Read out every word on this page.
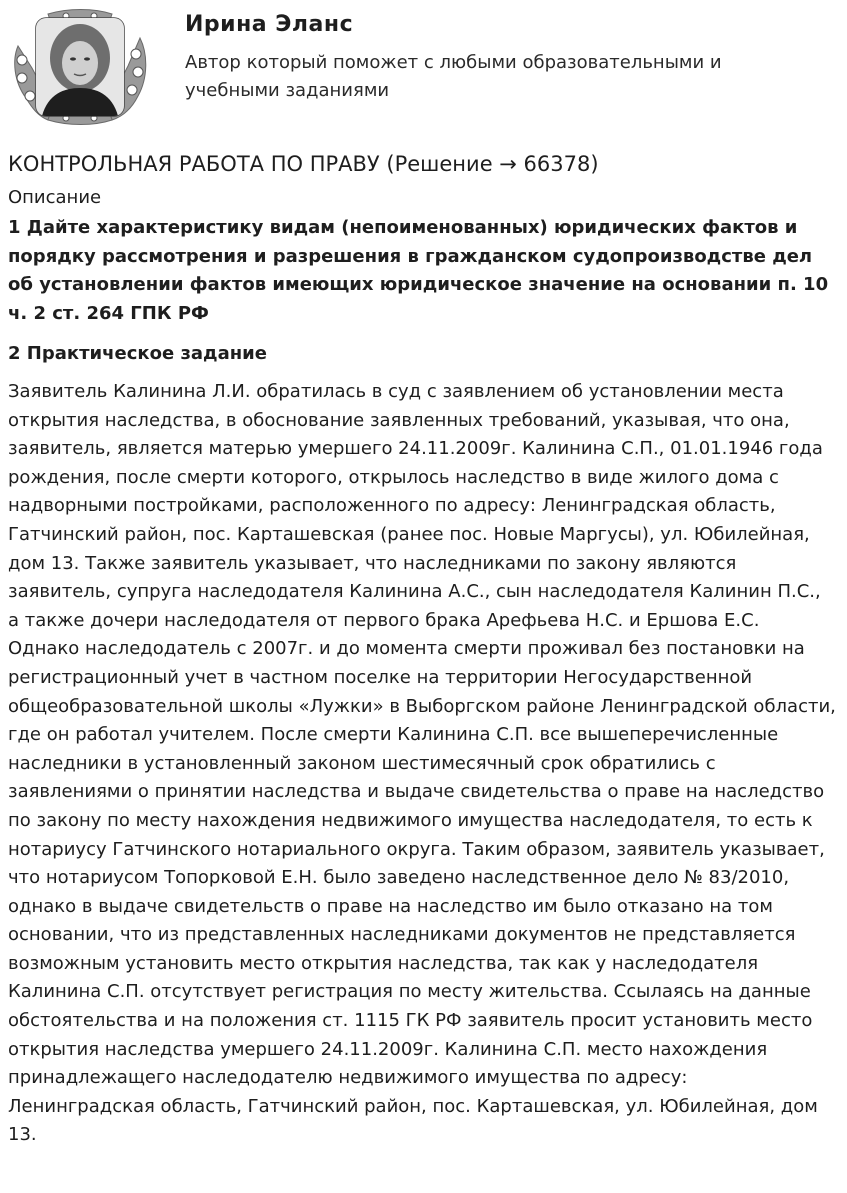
Ирина Эланс
Автор который поможет с любыми образовательными и учебными заданиями
КОНТРОЛЬНАЯ РАБОТА ПО ПРАВУ (Решение → 66378)
Описание
1 Дайте характеристику видам (непоименованных) юридических фактов и порядку рассмотрения и разрешения в гражданском судопроизводстве дел об установлении фактов имеющих юридическое значение на основании п. 10 ч. 2 ст. 264 ГПК РФ
2 Практическое задание

Заявитель Калинина Л.И. обратилась в суд с заявлением об установлении места открытия наследства, в обоснование заявленных требований, указывая, что она, заявитель, является матерью умершего 24.11.2009г. Калинина С.П., 01.01.1946 года рождения, после смерти которого, открылось наследство в виде жилого дома с надворными постройками, расположенного по адресу: Ленинградская область, Гатчинский район, пос. Карташевская (ранее пос. Новые Маргусы), ул. Юбилейная, дом 13. Также заявитель указывает, что наследниками по закону являются заявитель, супруга наследодателя Калинина А.С., сын наследодателя Калинин П.С., а также дочери наследодателя от первого брака Арефьева Н.С. и Ершова Е.С. Однако наследодатель с 2007г. и до момента смерти проживал без постановки на регистрационный учет в частном поселке на территории Негосударственной общеобразовательной школы «Лужки» в Выборгском районе Ленинградской области, где он работал учителем. После смерти Калинина С.П. все вышеперечисленные наследники в установленный законом шестимесячный срок обратились с заявлениями о принятии наследства и выдаче свидетельства о праве на наследство по закону по месту нахождения недвижимого имущества наследодателя, то есть к нотариусу Гатчинского нотариального округа. Таким образом, заявитель указывает, что нотариусом Топорковой Е.Н. было заведено наследственное дело № 83/2010, однако в выдаче свидетельств о праве на наследство им было отказано на том основании, что из представленных наследниками документов не представляется возможным установить место открытия наследства, так как у наследодателя Калинина С.П. отсутствует регистрация по месту жительства. Ссылаясь на данные обстоятельства и на положения ст. 1115 ГК РФ заявитель просит установить место открытия наследства умершего 24.11.2009г. Калинина С.П. место нахождения принадлежащего наследодателю недвижимого имущества по адресу: Ленинградская область, Гатчинский район, пос. Карташевская, ул. Юбилейная, дом 13.
